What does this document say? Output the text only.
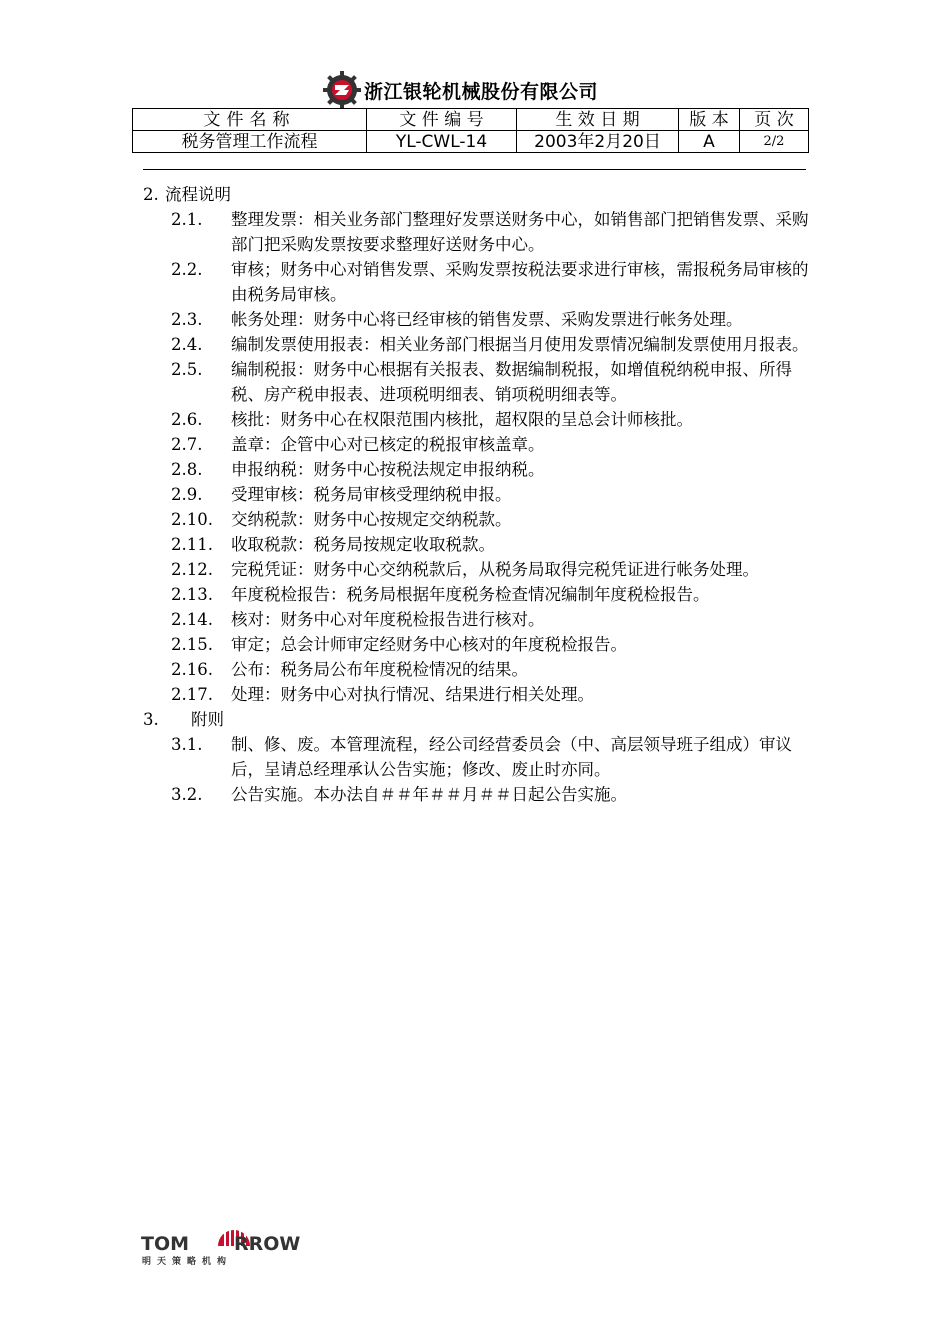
浙江银轮机械股份有限公司
文件名称	文 件 编 号	生 效 日 期	版 本	页 次
税务管理工作流程	YL-CWL-14	2003年2月20日	A	2/2
2. 流程说明
2.1.	整理发票：相关业务部门整理好发票送财务中心，如销售部门把销售发票、采购部门把采购发票按要求整理好送财务中心。
2.2.	审核；财务中心对销售发票、采购发票按税法要求进行审核，需报税务局审核的由税务局审核。
2.3.	帐务处理：财务中心将已经审核的销售发票、采购发票进行帐务处理。
2.4.	编制发票使用报表：相关业务部门根据当月使用发票情况编制发票使用月报表。
2.5.	编制税报：财务中心根据有关报表、数据编制税报，如增值税纳税申报、所得税、房产税申报表、进项税明细表、销项税明细表等。
2.6.	核批：财务中心在权限范围内核批，超权限的呈总会计师核批。
2.7.	盖章：企管中心对已核定的税报审核盖章。
2.8.	申报纳税：财务中心按税法规定申报纳税。
2.9.	受理审核：税务局审核受理纳税申报。
2.10.	交纳税款：财务中心按规定交纳税款。
2.11.	收取税款：税务局按规定收取税款。
2.12.	完税凭证：财务中心交纳税款后，从税务局取得完税凭证进行帐务处理。
2.13.	年度税检报告：税务局根据年度税务检查情况编制年度税检报告。
2.14.	核对：财务中心对年度税检报告进行核对。
2.15.	审定；总会计师审定经财务中心核对的年度税检报告。
2.16.	公布：税务局公布年度税检情况的结果。
2.17.	处理：财务中心对执行情况、结果进行相关处理。
3.	附则
3.1.	制、修、废。本管理流程，经公司经营委员会（中、高层领导班子组成）审议后，呈请总经理承认公告实施；修改、废止时亦同。
3.2.	公告实施。本办法自＃＃年＃＃月＃＃日起公告实施。
TOM RROW
明天策略机构
